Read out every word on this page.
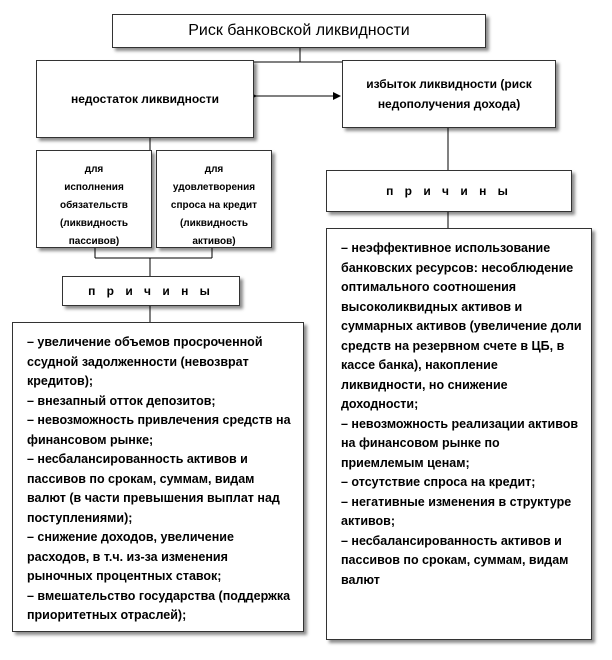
Риск банковской ликвидности
недостаток ликвидности
избыток ликвидности (риск недополучения дохода)
для
исполнения
обязательств
(ликвидность
пассивов)
для
удовлетворения
спроса на кредит
(ликвидность
активов)
п р и ч и н ы
п р и ч и н ы
– увеличение объемов просроченной ссудной задолженности (невозврат кредитов);
– внезапный отток депозитов;
– невозможность привлечения средств на финансовом рынке;
– несбалансированность активов и пассивов по срокам, суммам, видам валют (в части превышения выплат над поступлениями);
– снижение доходов, увеличение расходов, в т.ч. из-за изменения рыночных процентных ставок;
– вмешательство государства (поддержка приоритетных отраслей);
– неэффективное использование банковских ресурсов: несоблюдение оптимального соотношения высоколиквидных активов и суммарных активов (увеличение доли средств на резервном счете в ЦБ, в кассе банка), накопление ликвидности, но снижение доходности;
– невозможность реализации активов на финансовом рынке по приемлемым ценам;
– отсутствие спроса на кредит;
– негативные изменения в структуре активов;
– несбалансированность активов и пассивов по срокам, суммам, видам валют
